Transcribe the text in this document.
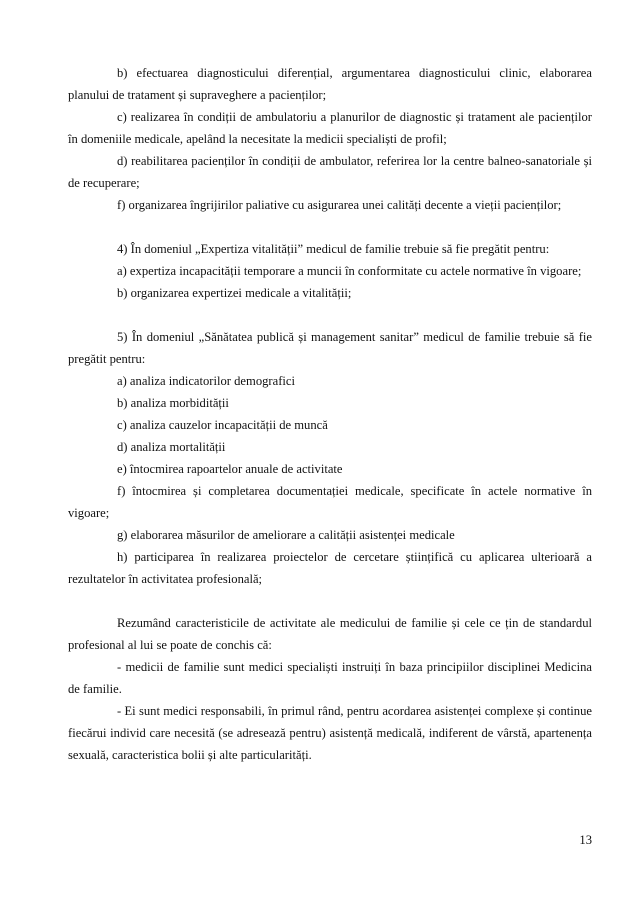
b) efectuarea diagnosticului diferențial, argumentarea diagnosticului clinic, elaborarea planului de tratament și supraveghere a pacienților;

c) realizarea în condiții de ambulatoriu a planurilor de diagnostic și tratament ale pacienților în domeniile medicale, apelând la necesitate la medicii specialiști de profil;

d) reabilitarea pacienților în condiții de ambulator, referirea lor la centre balneo-sanatoriale și de recuperare;

f) organizarea îngrijirilor paliative cu asigurarea unei calități decente a vieții pacienților;

4) În domeniul „Expertiza vitalității” medicul de familie trebuie să fie pregătit pentru:

a) expertiza incapacității temporare a muncii în conformitate cu actele normative în vigoare;

b) organizarea expertizei medicale a vitalității;

5) În domeniul „Sănătatea publică și management sanitar” medicul de familie trebuie să fie pregătit pentru:

a) analiza indicatorilor demografici

b) analiza morbidității

c) analiza cauzelor incapacității de muncă

d) analiza mortalității

e) întocmirea rapoartelor anuale de activitate

f) întocmirea și completarea documentației medicale, specificate în actele normative în vigoare;

g) elaborarea măsurilor de ameliorare a calității asistenței medicale

h) participarea în realizarea proiectelor de cercetare științifică cu aplicarea ulterioară a rezultatelor în activitatea profesională;

Rezumând caracteristicile de activitate ale medicului de familie și cele ce țin de standardul profesional al lui se poate de conchis că:

- medicii de familie sunt medici specialiști instruiți în baza principiilor disciplinei Medicina de familie.

- Ei sunt medici responsabili, în primul rând, pentru acordarea asistenței complexe și continue fiecărui individ care necesită (se adresează pentru) asistență medicală, indiferent de vârstă, apartenența sexuală, caracteristica bolii și alte particularități.

13
